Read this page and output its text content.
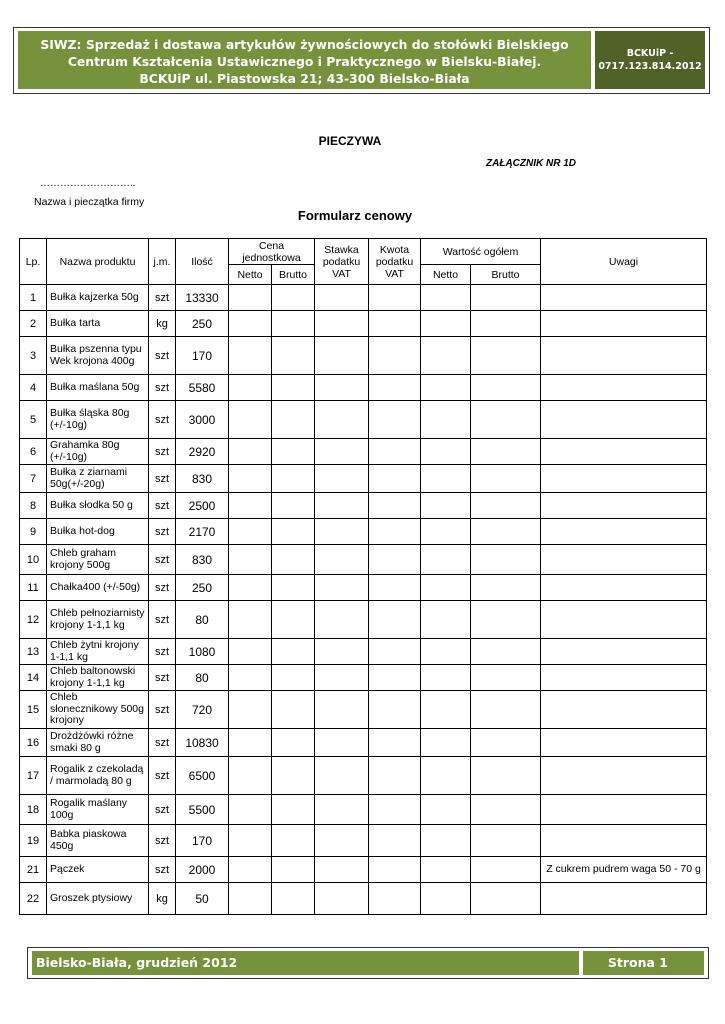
SIWZ: Sprzedaż i dostawa artykułów żywnościowych do stołówki Bielskiego
Centrum Kształcenia Ustawicznego i Praktycznego w Bielsku-Białej.
BCKUiP ul. Piastowska 21; 43-300 Bielsko-Biała
BCKUiP -
0717.123.814.2012
PIECZYWA
ZAŁĄCZNIK NR 1D
………………………..
Nazwa i pieczątka firmy
Formularz cenowy
Lp.	Nazwa produktu	j.m.	Ilość	Cena jednostkowa		Stawka podatku VAT	Kwota podatku VAT	Wartość ogółem		Uwagi
				Netto	Brutto			Netto	Brutto	
1	Bułka kajzerka 50g	szt	13330							
2	Bułka tarta	kg	250							
3	Bułka pszenna typu Wek krojona 400g	szt	170							
4	Bułka maślana 50g	szt	5580							
5	Bułka śląska 80g (+/-10g)	szt	3000							
6	Grahamka 80g (+/-10g)	szt	2920							
7	Bułka z ziarnami 50g(+/-20g)	szt	830							
8	Bułka słodka 50 g	szt	2500							
9	Bułka hot-dog	szt	2170							
10	Chleb graham krojony 500g	szt	830							
11	Chałka400 (+/-50g)	szt	250							
12	Chleb pełnoziarnisty krojony 1-1,1 kg	szt	80							
13	Chleb żytni krojony 1-1,1 kg	szt	1080							
14	Chleb baltonowski krojony 1-1,1 kg	szt	80							
15	Chleb słonecznikowy 500g krojony	szt	720							
16	Drożdżówki różne smaki 80 g	szt	10830							
17	Rogalik z czekoladą / marmoladą 80 g	szt	6500							
18	Rogalik maślany 100g	szt	5500							
19	Babka piaskowa 450g	szt	170							
21	Pączek	szt	2000							Z cukrem pudrem waga 50 - 70 g
22	Groszek ptysiowy	kg	50							
Bielsko-Biała, grudzień 2012	Strona 1
